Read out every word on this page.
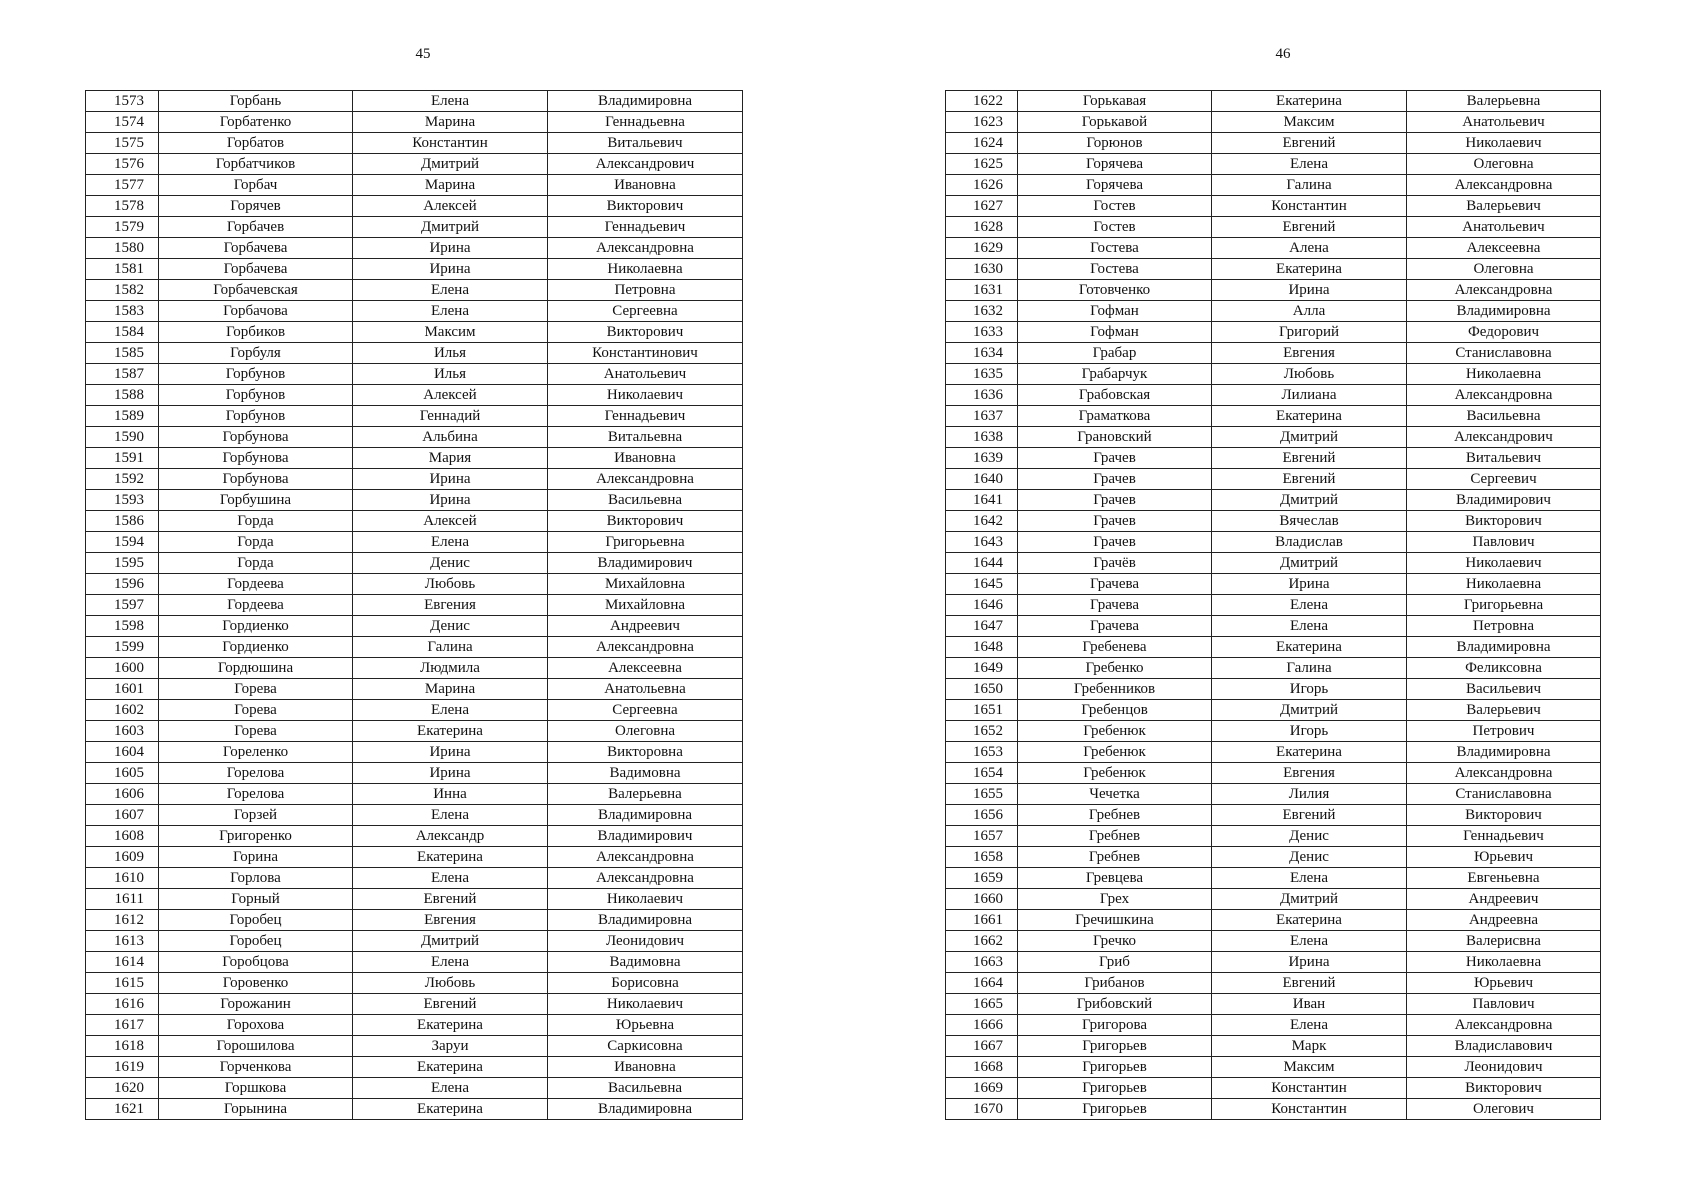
45	46
1573	Горбань	Елена	Владимировна
1574	Горбатенко	Марина	Геннадьевна
1575	Горбатов	Константин	Витальевич
1576	Горбатчиков	Дмитрий	Александрович
1577	Горбач	Марина	Ивановна
1578	Горячев	Алексей	Викторович
1579	Горбачев	Дмитрий	Геннадьевич
1580	Горбачева	Ирина	Александровна
1581	Горбачева	Ирина	Николаевна
1582	Горбачевская	Елена	Петровна
1583	Горбачова	Елена	Сергеевна
1584	Горбиков	Максим	Викторович
1585	Горбуля	Илья	Константинович
1587	Горбунов	Илья	Анатольевич
1588	Горбунов	Алексей	Николаевич
1589	Горбунов	Геннадий	Геннадьевич
1590	Горбунова	Альбина	Витальевна
1591	Горбунова	Мария	Ивановна
1592	Горбунова	Ирина	Александровна
1593	Горбушина	Ирина	Васильевна
1586	Горда	Алексей	Викторович
1594	Горда	Елена	Григорьевна
1595	Горда	Денис	Владимирович
1596	Гордеева	Любовь	Михайловна
1597	Гордеева	Евгения	Михайловна
1598	Гордиенко	Денис	Андреевич
1599	Гордиенко	Галина	Александровна
1600	Гордюшина	Людмила	Алексеевна
1601	Горева	Марина	Анатольевна
1602	Горева	Елена	Сергеевна
1603	Горева	Екатерина	Олеговна
1604	Гореленко	Ирина	Викторовна
1605	Горелова	Ирина	Вадимовна
1606	Горелова	Инна	Валерьевна
1607	Горзей	Елена	Владимировна
1608	Григоренко	Александр	Владимирович
1609	Горина	Екатерина	Александровна
1610	Горлова	Елена	Александровна
1611	Горный	Евгений	Николаевич
1612	Горобец	Евгения	Владимировна
1613	Горобец	Дмитрий	Леонидович
1614	Горобцова	Елена	Вадимовна
1615	Горовенко	Любовь	Борисовна
1616	Горожанин	Евгений	Николаевич
1617	Горохова	Екатерина	Юрьевна
1618	Горошилова	Заруи	Саркисовна
1619	Горченкова	Екатерина	Ивановна
1620	Горшкова	Елена	Васильевна
1621	Горынина	Екатерина	Владимировна
1622	Горькавая	Екатерина	Валерьевна
1623	Горькавой	Максим	Анатольевич
1624	Горюнов	Евгений	Николаевич
1625	Горячева	Елена	Олеговна
1626	Горячева	Галина	Александровна
1627	Гостев	Константин	Валерьевич
1628	Гостев	Евгений	Анатольевич
1629	Гостева	Алена	Алексеевна
1630	Гостева	Екатерина	Олеговна
1631	Готовченко	Ирина	Александровна
1632	Гофман	Алла	Владимировна
1633	Гофман	Григорий	Федорович
1634	Грабар	Евгения	Станиславовна
1635	Грабарчук	Любовь	Николаевна
1636	Грабовская	Лилиана	Александровна
1637	Граматкова	Екатерина	Васильевна
1638	Грановский	Дмитрий	Александрович
1639	Грачев	Евгений	Витальевич
1640	Грачев	Евгений	Сергеевич
1641	Грачев	Дмитрий	Владимирович
1642	Грачев	Вячеслав	Викторович
1643	Грачев	Владислав	Павлович
1644	Грачёв	Дмитрий	Николаевич
1645	Грачева	Ирина	Николаевна
1646	Грачева	Елена	Григорьевна
1647	Грачева	Елена	Петровна
1648	Гребенева	Екатерина	Владимировна
1649	Гребенко	Галина	Феликсовна
1650	Гребенников	Игорь	Васильевич
1651	Гребенцов	Дмитрий	Валерьевич
1652	Гребенюк	Игорь	Петрович
1653	Гребенюк	Екатерина	Владимировна
1654	Гребенюк	Евгения	Александровна
1655	Чечетка	Лилия	Станиславовна
1656	Гребнев	Евгений	Викторович
1657	Гребнев	Денис	Геннадьевич
1658	Гребнев	Денис	Юрьевич
1659	Гревцева	Елена	Евгеньевна
1660	Грех	Дмитрий	Андреевич
1661	Гречишкина	Екатерина	Андреевна
1662	Гречко	Елена	Валерисвна
1663	Гриб	Ирина	Николаевна
1664	Грибанов	Евгений	Юрьевич
1665	Грибовский	Иван	Павлович
1666	Григорова	Елена	Александровна
1667	Григорьев	Марк	Владиславович
1668	Григорьев	Максим	Леонидович
1669	Григорьев	Константин	Викторович
1670	Григорьев	Константин	Олегович
